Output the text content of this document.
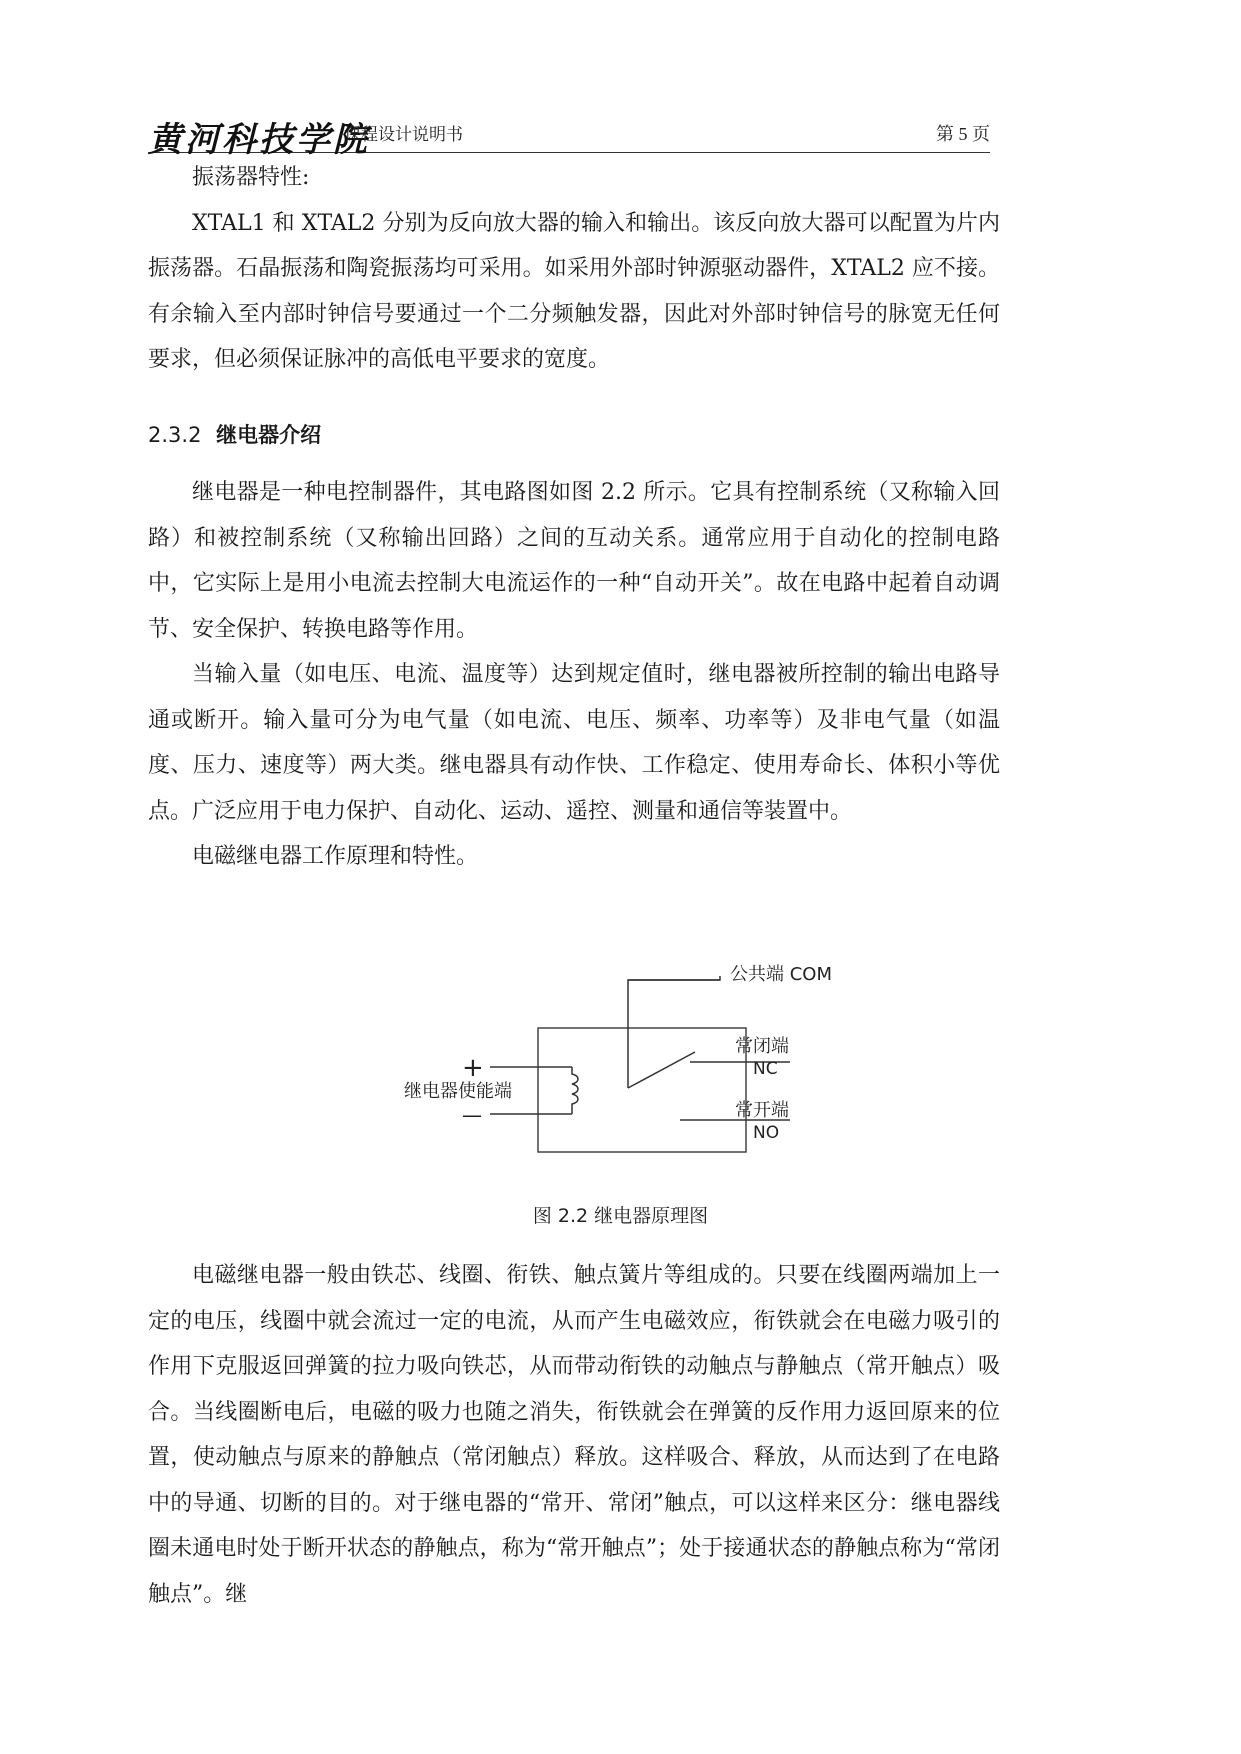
黄河科技学院
课程设计说明书	第 5 页

振荡器特性:

XTAL1 和 XTAL2 分别为反向放大器的输入和输出。该反向放大器可以配置为片内振荡器。石晶振荡和陶瓷振荡均可采用。如采用外部时钟源驱动器件，XTAL2 应不接。有余输入至内部时钟信号要通过一个二分频触发器，因此对外部时钟信号的脉宽无任何要求，但必须保证脉冲的高低电平要求的宽度。

2.3.2 继电器介绍

继电器是一种电控制器件，其电路图如图 2.2 所示。它具有控制系统（又称输入回路）和被控制系统（又称输出回路）之间的互动关系。通常应用于自动化的控制电路中，它实际上是用小电流去控制大电流运作的一种“自动开关”。故在电路中起着自动调节、安全保护、转换电路等作用。

当输入量（如电压、电流、温度等）达到规定值时，继电器被所控制的输出电路导通或断开。输入量可分为电气量（如电流、电压、频率、功率等）及非电气量（如温度、压力、速度等）两大类。继电器具有动作快、工作稳定、使用寿命长、体积小等优点。广泛应用于电力保护、自动化、运动、遥控、测量和通信等装置中。

电磁继电器工作原理和特性。

公共端 COM
常闭端
NC
常开端
NO
继电器使能端
+
—
图 2.2 继电器原理图

电磁继电器一般由铁芯、线圈、衔铁、触点簧片等组成的。只要在线圈两端加上一定的电压，线圈中就会流过一定的电流，从而产生电磁效应，衔铁就会在电磁力吸引的作用下克服返回弹簧的拉力吸向铁芯，从而带动衔铁的动触点与静触点（常开触点）吸合。当线圈断电后，电磁的吸力也随之消失，衔铁就会在弹簧的反作用力返回原来的位置，使动触点与原来的静触点（常闭触点）释放。这样吸合、释放，从而达到了在电路中的导通、切断的目的。对于继电器的“常开、常闭”触点，可以这样来区分：继电器线圈未通电时处于断开状态的静触点，称为“常开触点”；处于接通状态的静触点称为“常闭触点”。继
